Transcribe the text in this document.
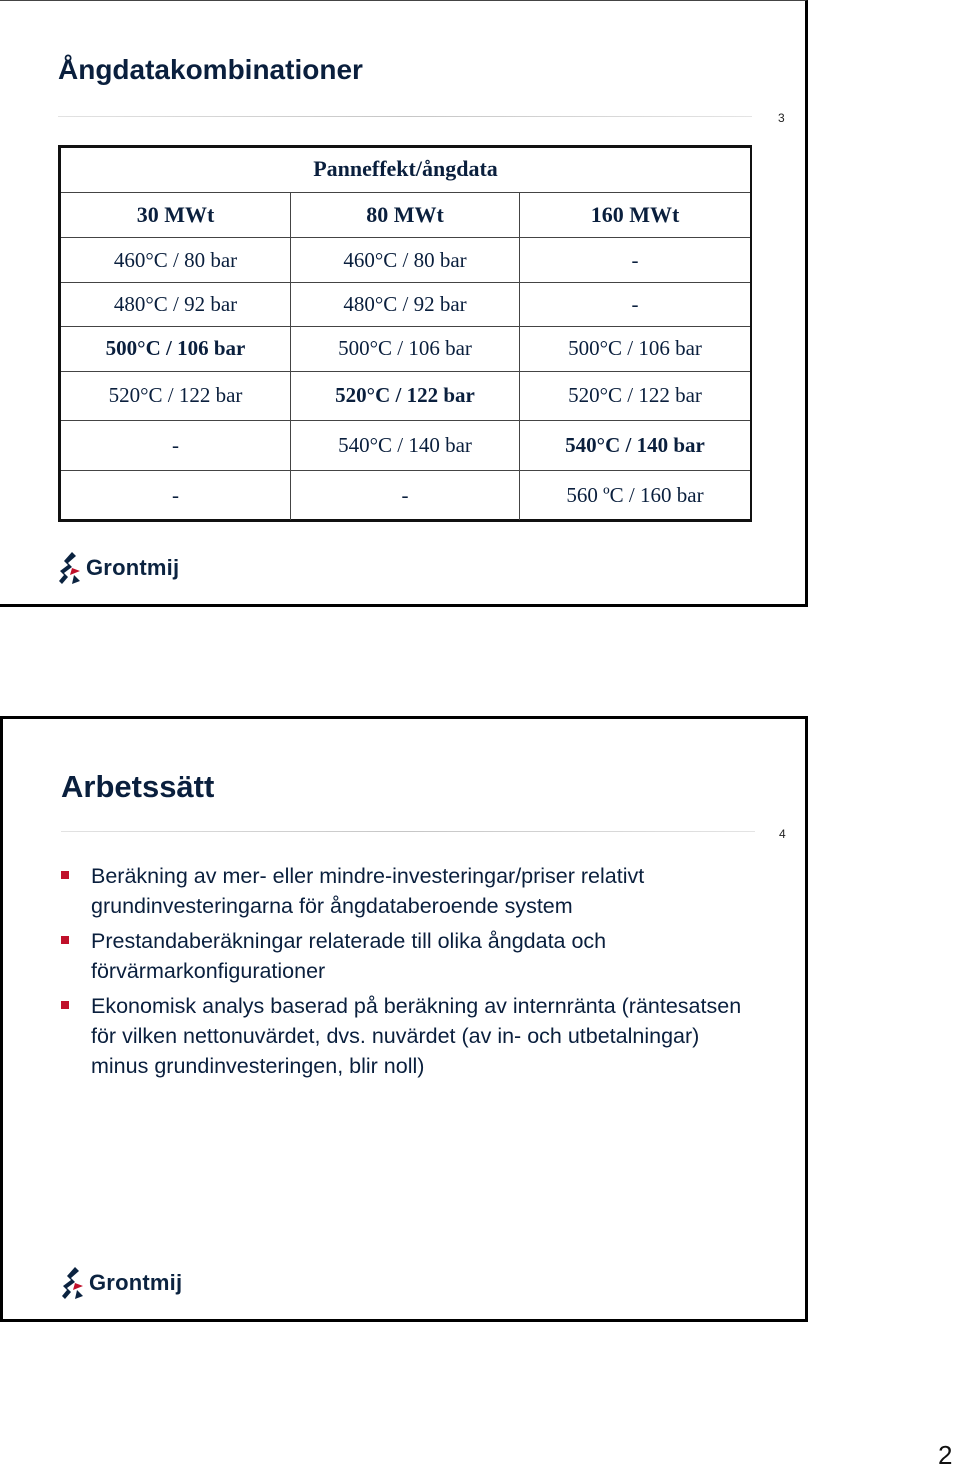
Ångdatakombinationer
3
Panneffekt/ångdata
30 MWt	80 MWt	160 MWt
460°C / 80 bar	460°C / 80 bar	-
480°C / 92 bar	480°C / 92 bar	-
500°C / 106 bar	500°C / 106 bar	500°C / 106 bar
520°C / 122 bar	520°C / 122 bar	520°C / 122 bar
-	540°C / 140 bar	540°C / 140 bar
-	-	560 ºC / 160 bar
Grontmij
Arbetssätt
4
Beräkning av mer- eller mindre-investeringar/priser relativt grundinvesteringarna för ångdataberoende system
Prestandaberäkningar relaterade till olika ångdata och förvärmarkonfigurationer
Ekonomisk analys baserad på beräkning av internränta (räntesatsen för vilken nettonuvärdet, dvs. nuvärdet (av in- och utbetalningar) minus grundinvesteringen, blir noll)
Grontmij
2
